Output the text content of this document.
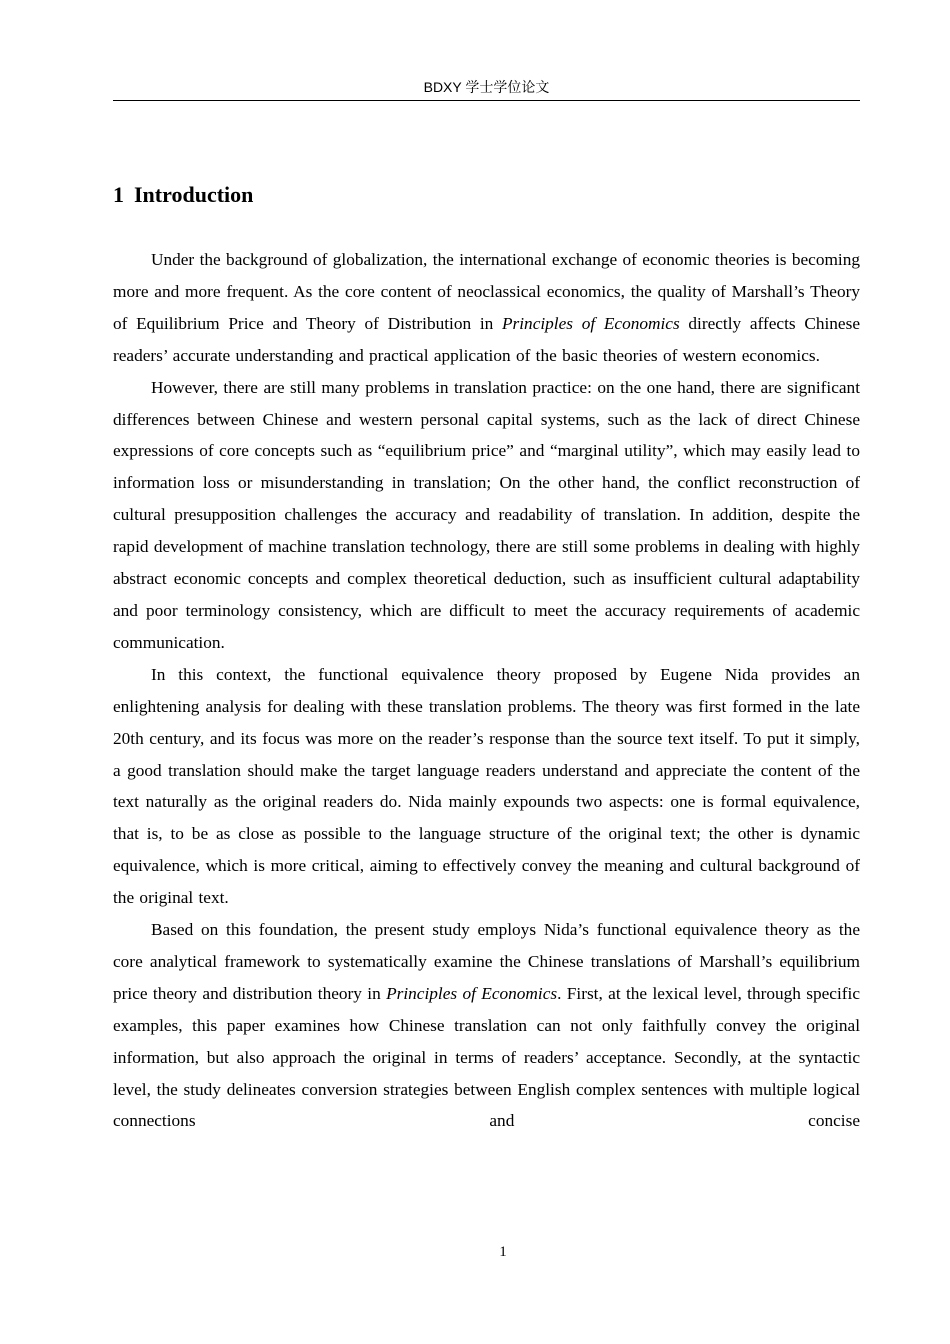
BDXY 学士学位论文
1 Introduction

Under the background of globalization, the international exchange of economic theories is becoming more and more frequent. As the core content of neoclassical economics, the quality of Marshall’s Theory of Equilibrium Price and Theory of Distribution in Principles of Economics directly affects Chinese readers’ accurate understanding and practical application of the basic theories of western economics.

However, there are still many problems in translation practice: on the one hand, there are significant differences between Chinese and western personal capital systems, such as the lack of direct Chinese expressions of core concepts such as “equilibrium price” and “marginal utility”, which may easily lead to information loss or misunderstanding in translation; On the other hand, the conflict reconstruction of cultural presupposition challenges the accuracy and readability of translation. In addition, despite the rapid development of machine translation technology, there are still some problems in dealing with highly abstract economic concepts and complex theoretical deduction, such as insufficient cultural adaptability and poor terminology consistency, which are difficult to meet the accuracy requirements of academic communication.

In this context, the functional equivalence theory proposed by Eugene Nida provides an enlightening analysis for dealing with these translation problems. The theory was first formed in the late 20th century, and its focus was more on the reader’s response than the source text itself. To put it simply, a good translation should make the target language readers understand and appreciate the content of the text naturally as the original readers do. Nida mainly expounds two aspects: one is formal equivalence, that is, to be as close as possible to the language structure of the original text; the other is dynamic equivalence, which is more critical, aiming to effectively convey the meaning and cultural background of the original text.

Based on this foundation, the present study employs Nida’s functional equivalence theory as the core analytical framework to systematically examine the Chinese translations of Marshall’s equilibrium price theory and distribution theory in Principles of Economics. First, at the lexical level, through specific examples, this paper examines how Chinese translation can not only faithfully convey the original information, but also approach the original in terms of readers’ acceptance. Secondly, at the syntactic level, the study delineates conversion strategies between English complex sentences with multiple logical connections and concise

1
